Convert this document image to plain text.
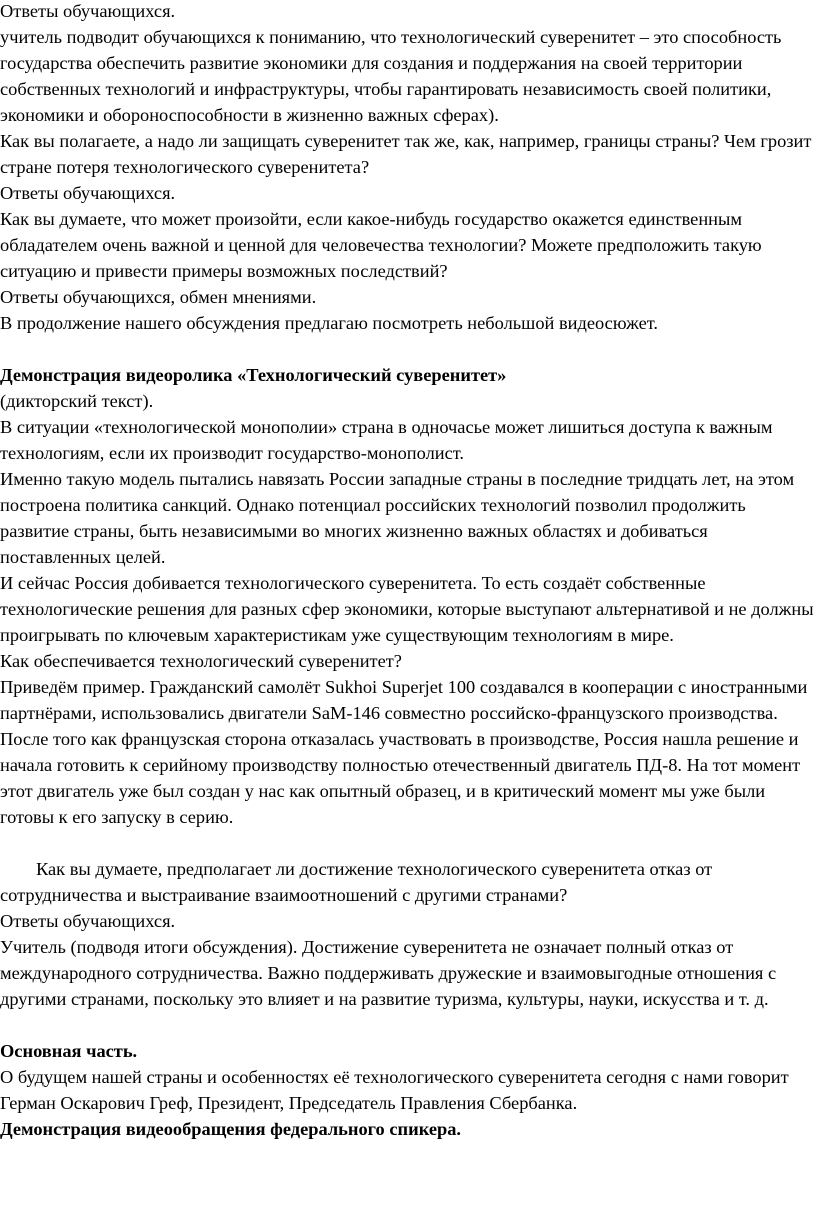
Ответы обучающихся.

учитель подводит обучающихся к пониманию, что технологический суверенитет – это способность государства обеспечить развитие экономики для создания и поддержания на своей территории собственных технологий и инфраструктуры, чтобы гарантировать независимость своей политики, экономики и обороноспособности в жизненно важных сферах).

Как вы полагаете, а надо ли защищать суверенитет так же, как, например, границы страны? Чем грозит стране потеря технологического суверенитета?

Ответы обучающихся.

Как вы думаете, что может произойти, если какое-нибудь государство окажется единственным обладателем очень важной и ценной для человечества технологии? Можете предположить такую ситуацию и привести примеры возможных последствий?

Ответы обучающихся, обмен мнениями.

В продолжение нашего обсуждения предлагаю посмотреть небольшой видеосюжет.

Демонстрация видеоролика «Технологический суверенитет»

(дикторский текст).

В ситуации «технологической монополии» страна в одночасье может лишиться доступа к важным технологиям, если их производит государство-монополист.

Именно такую модель пытались навязать России западные страны в последние тридцать лет, на этом построена политика санкций. Однако потенциал российских технологий позволил продолжить развитие страны, быть независимыми во многих жизненно важных областях и добиваться поставленных целей.

И сейчас Россия добивается технологического суверенитета. То есть создаёт собственные технологические решения для разных сфер экономики, которые выступают альтернативой и не должны проигрывать по ключевым характеристикам уже существующим технологиям в мире.

Как обеспечивается технологический суверенитет?

Приведём пример. Гражданский самолёт Sukhoi Superjet 100 создавался в кооперации с иностранными партнёрами, использовались двигатели SaM-146 совместно российско-французского производства. После того как французская сторона отказалась участвовать в производстве, Россия нашла решение и начала готовить к серийному производству полностью отечественный двигатель ПД-8. На тот момент этот двигатель уже был создан у нас как опытный образец, и в критический момент мы уже были готовы к его запуску в серию.

Как вы думаете, предполагает ли достижение технологического суверенитета отказ от сотрудничества и выстраивание взаимоотношений с другими странами?

Ответы обучающихся.

Учитель (подводя итоги обсуждения). Достижение суверенитета не означает полный отказ от международного сотрудничества. Важно поддерживать дружеские и взаимовыгодные отношения с другими странами, поскольку это влияет и на развитие туризма, культуры, науки, искусства и т. д.

Основная часть.

О будущем нашей страны и особенностях её технологического суверенитета сегодня с нами говорит Герман Оскарович Греф, Президент, Председатель Правления Сбербанка.

Демонстрация видеообращения федерального спикера.
